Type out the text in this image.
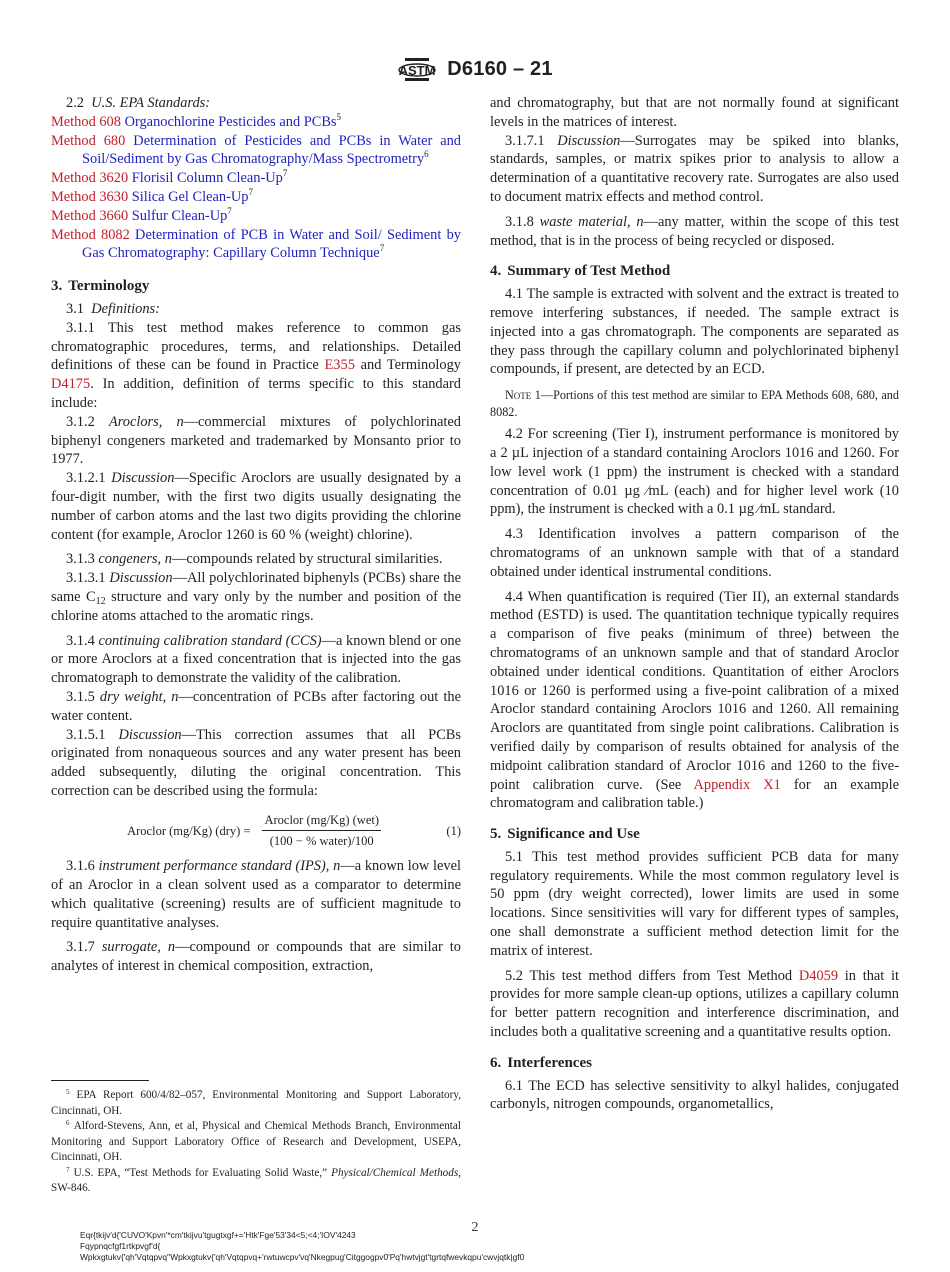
ASTM D6160 – 21

2.2 U.S. EPA Standards:

Method 608 Organochlorine Pesticides and PCBs$^5$

Method 680 Determination of Pesticides and PCBs in Water and Soil/Sediment by Gas Chromatography/Mass Spectrometry$^6$

Method 3620 Florisil Column Clean-Up$^7$

Method 3630 Silica Gel Clean-Up$^7$

Method 3660 Sulfur Clean-Up$^7$

Method 8082 Determination of PCB in Water and Soil/ Sediment by Gas Chromatography: Capillary Column Technique$^7$

3. Terminology

3.1 Definitions:

3.1.1 This test method makes reference to common gas chromatographic procedures, terms, and relationships. Detailed definitions of these can be found in Practice E355 and Terminology D4175. In addition, definition of terms specific to this standard include:

3.1.2 Aroclors, n—commercial mixtures of polychlorinated biphenyl congeners marketed and trademarked by Monsanto prior to 1977.

3.1.2.1 Discussion—Specific Aroclors are usually designated by a four-digit number, with the first two digits usually designating the number of carbon atoms and the last two digits providing the chlorine content (for example, Aroclor 1260 is 60 % (weight) chlorine).

3.1.3 congeners, n—compounds related by structural similarities.

3.1.3.1 Discussion—All polychlorinated biphenyls (PCBs) share the same $C_{12}$ structure and vary only by the number and position of the chlorine atoms attached to the aromatic rings.

3.1.4 continuing calibration standard (CCS)—a known blend or one or more Aroclors at a fixed concentration that is injected into the gas chromatograph to demonstrate the validity of the calibration.

3.1.5 dry weight, n—concentration of PCBs after factoring out the water content.

3.1.5.1 Discussion—This correction assumes that all PCBs originated from nonaqueous sources and any water present has been added subsequently, diluting the original concentration. This correction can be described using the formula:

Aroclor (mg/Kg) $(dry) = \frac{\text{Aroclor (mg/Kg) (wet)}}{\text{(100 − \% water)/100}}$	(1)

3.1.6 instrument performance standard (IPS), n—a known low level of an Aroclor in a clean solvent used as a comparator to determine which qualitative (screening) results are of sufficient magnitude to require quantitative analyses.

3.1.7 surrogate, n—compound or compounds that are similar to analytes of interest in chemical composition, extraction,

and chromatography, but that are not normally found at significant levels in the matrices of interest.

3.1.7.1 Discussion—Surrogates may be spiked into blanks, standards, samples, or matrix spikes prior to analysis to allow a determination of a quantitative recovery rate. Surrogates are also used to document matrix effects and method control.

3.1.8 waste material, n—any matter, within the scope of this test method, that is in the process of being recycled or disposed.

4. Summary of Test Method

4.1 The sample is extracted with solvent and the extract is treated to remove interfering substances, if needed. The sample extract is injected into a gas chromatograph. The components are separated as they pass through the capillary column and polychlorinated biphenyl compounds, if present, are detected by an ECD.

Note 1—Portions of this test method are similar to EPA Methods 608, 680, and 8082.

4.2 For screening (Tier I), instrument performance is monitored by a 2 µL injection of a standard containing Aroclors 1016 and 1260. For low level work (1 ppm) the instrument is checked with a standard concentration of 0.01 µg ⁄mL (each) and for higher level work (10 ppm), the instrument is checked with a 0.1 µg ⁄mL standard.

4.3 Identification involves a pattern comparison of the chromatograms of an unknown sample with that of a standard obtained under identical instrumental conditions.

4.4 When quantification is required (Tier II), an external standards method (ESTD) is used. The quantitation technique typically requires a comparison of five peaks (minimum of three) between the chromatograms of an unknown sample and that of standard Aroclor obtained under identical conditions. Quantitation of either Aroclors 1016 or 1260 is performed using a five-point calibration of a mixed Aroclor standard containing Aroclors 1016 and 1260. All remaining Aroclors are quantitated from single point calibrations. Calibration is verified daily by comparison of results obtained for analysis of the midpoint calibration standard of Aroclor 1016 and 1260 to the five-point calibration curve. (See Appendix X1 for an example chromatogram and calibration table.)

5. Significance and Use

5.1 This test method provides sufficient PCB data for many regulatory requirements. While the most common regulatory level is 50 ppm (dry weight corrected), lower limits are used in some locations. Since sensitivities will vary for different types of samples, one shall demonstrate a sufficient method detection limit for the matrix of interest.

5.2 This test method differs from Test Method D4059 in that it provides for more sample clean-up options, utilizes a capillary column for better pattern recognition and interference discrimination, and includes both a qualitative screening and a quantitative results option.

6. Interferences

6.1 The ECD has selective sensitivity to alkyl halides, conjugated carbonyls, nitrogen compounds, organometallics,

$^5$ EPA Report 600/4/82–057, Environmental Monitoring and Support Laboratory, Cincinnati, OH.

$^6$ Alford-Stevens, Ann, et al, Physical and Chemical Methods Branch, Environmental Monitoring and Support Laboratory Office of Research and Development, USEPA, Cincinnati, OH.

$^7$ U.S. EPA, “Test Methods for Evaluating Solid Waste,” Physical/Chemical Methods, SW-846.

2
Eqr{tkijv'd{'CUVO'Kpvn'*cm'tkijvu'tgugtxgf+='Htk'Fge'53'34<5;<4;'IOV'4243
Fqypnqcfgf1rtkpvgf'd{
Wpkxgtukv{'qh'Vqtqpvq''Wpkxgtukv{'qh'Vqtqpvq+'rwtuwcpv'vq'Nkegpug'Citggogpv0'Pq'hwtvjgt'tgrtqfwevkqpu'cwvjqtk|gf0
